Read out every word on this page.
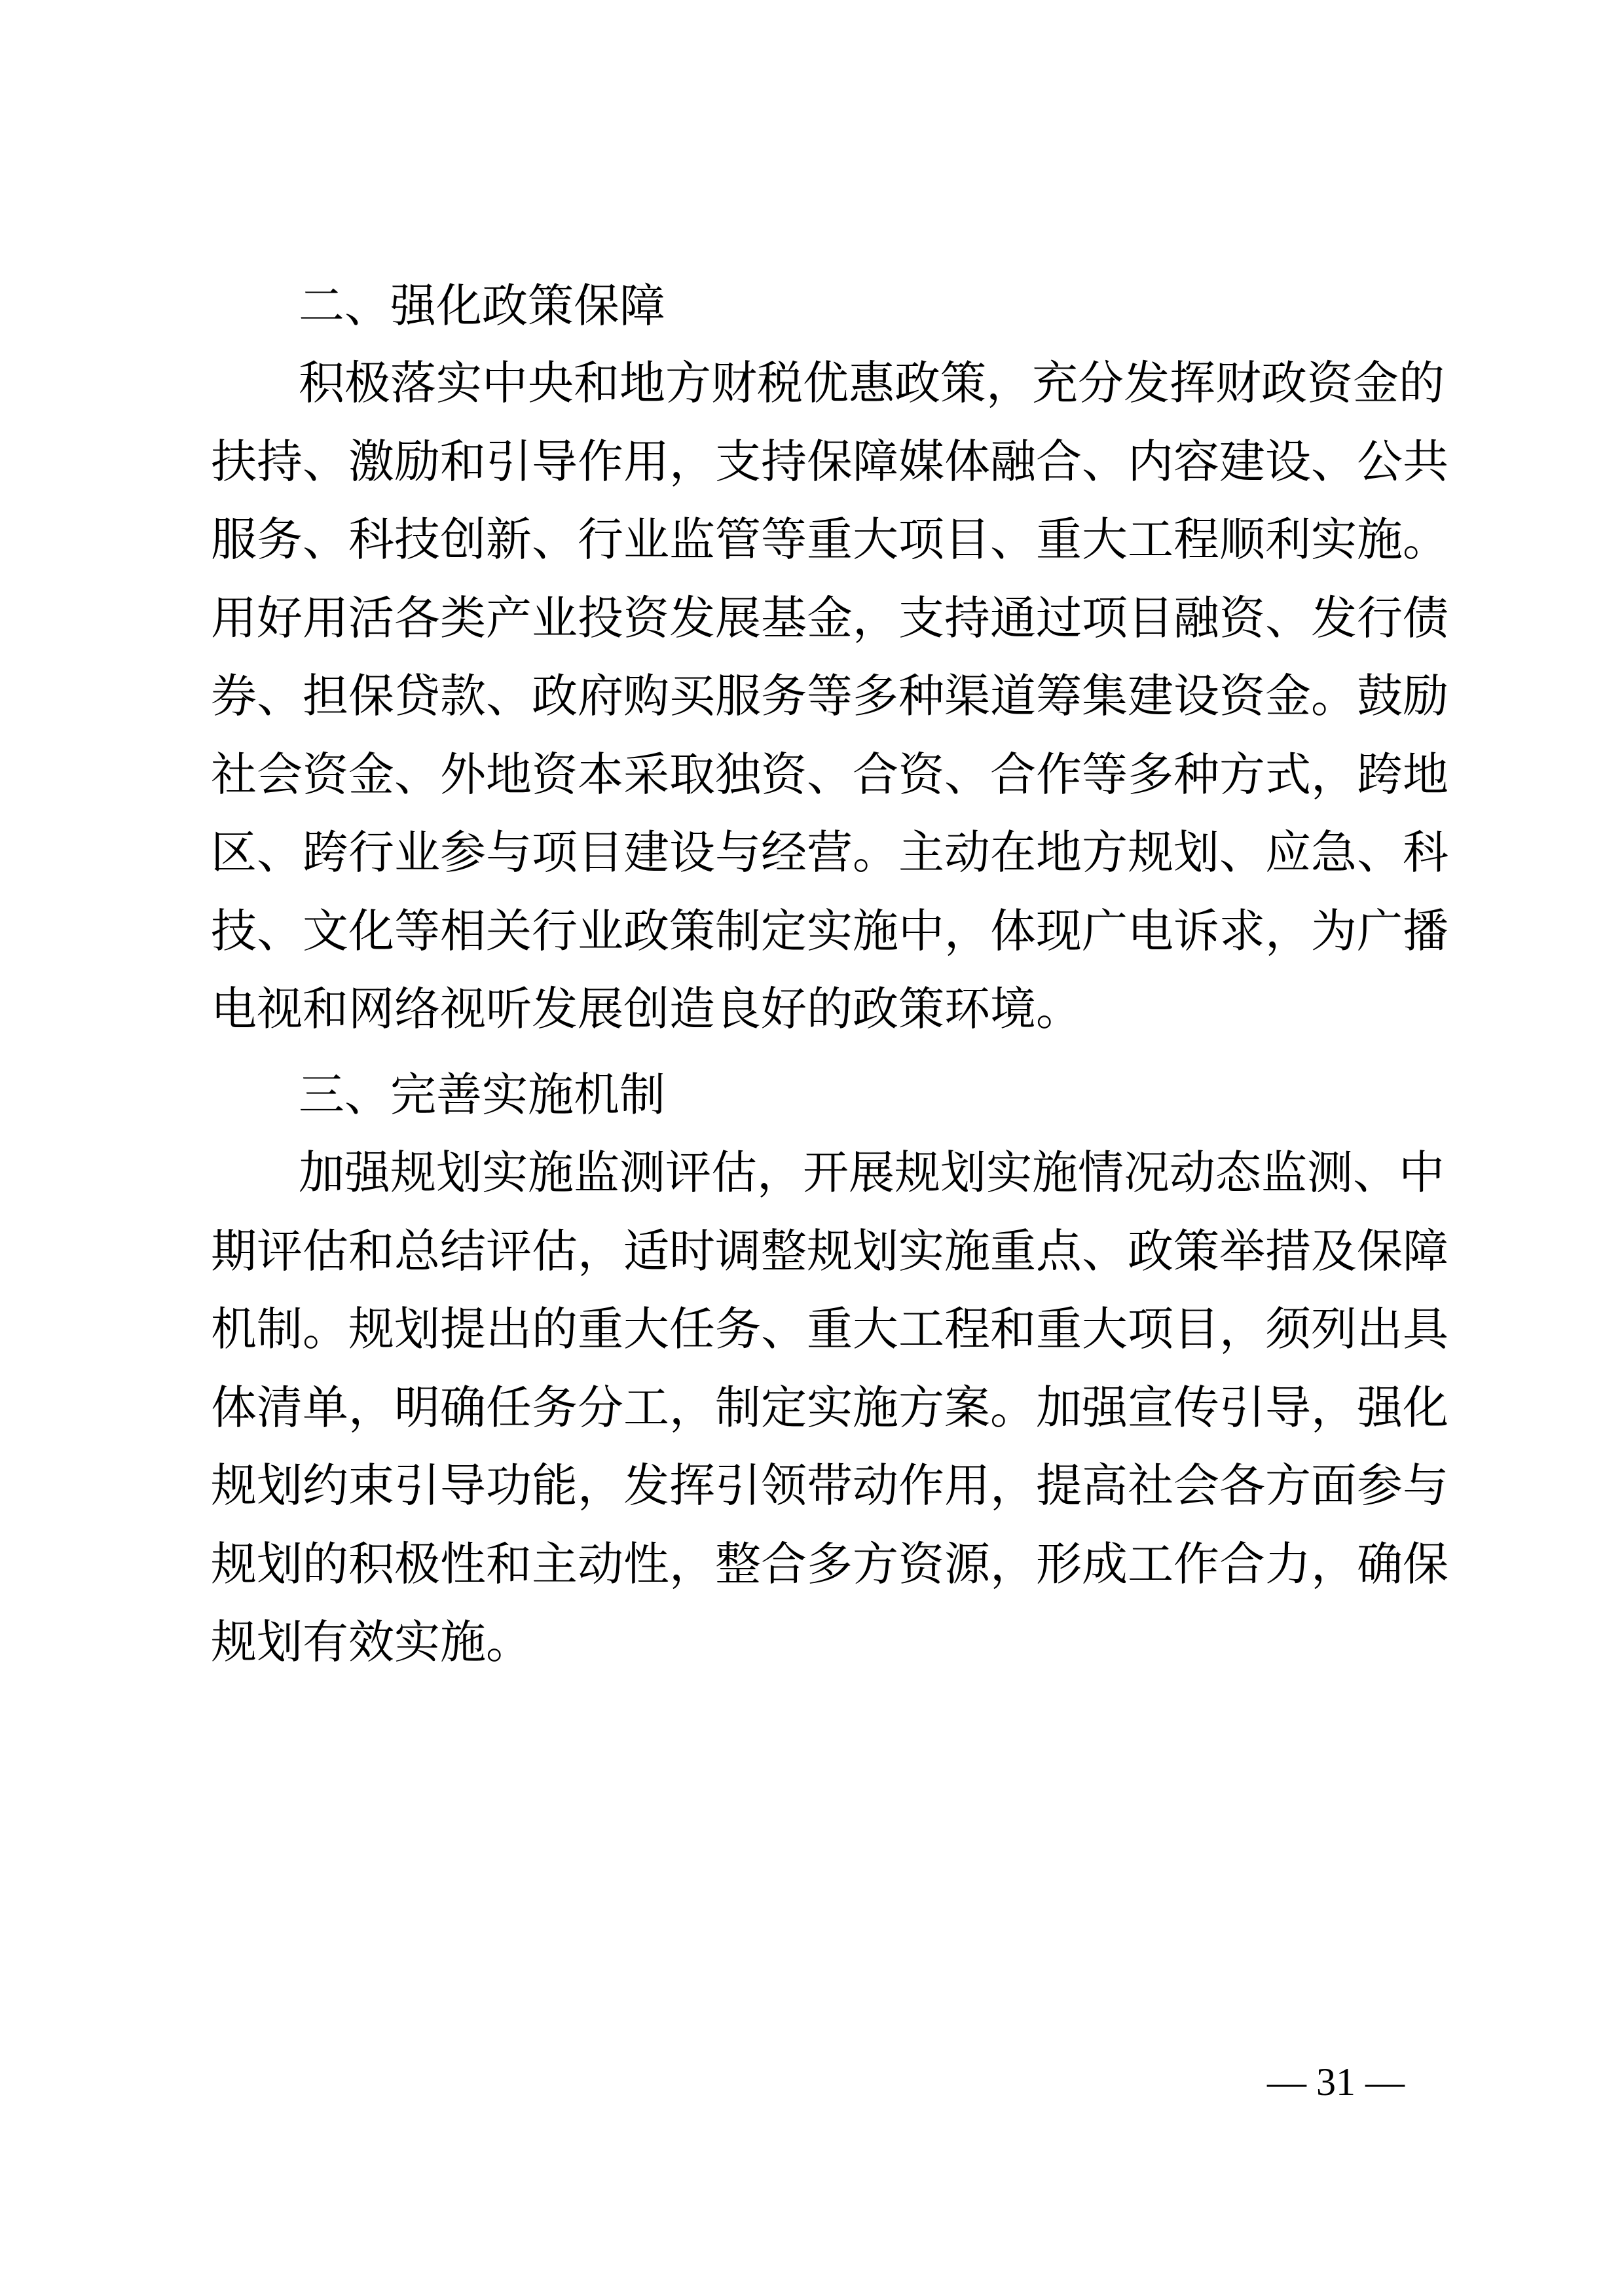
二、强化政策保障
积极落实中央和地方财税优惠政策，充分发挥财政资金的
扶持、激励和引导作用，支持保障媒体融合、内容建设、公共
服务、科技创新、行业监管等重大项目、重大工程顺利实施。
用好用活各类产业投资发展基金，支持通过项目融资、发行债
券、担保贷款、政府购买服务等多种渠道筹集建设资金。鼓励
社会资金、外地资本采取独资、合资、合作等多种方式，跨地
区、跨行业参与项目建设与经营。主动在地方规划、应急、科
技、文化等相关行业政策制定实施中，体现广电诉求，为广播
电视和网络视听发展创造良好的政策环境。
三、完善实施机制
加强规划实施监测评估，开展规划实施情况动态监测、中
期评估和总结评估，适时调整规划实施重点、政策举措及保障
机制。规划提出的重大任务、重大工程和重大项目，须列出具
体清单，明确任务分工，制定实施方案。加强宣传引导，强化
规划约束引导功能，发挥引领带动作用，提高社会各方面参与
规划的积极性和主动性，整合多方资源，形成工作合力，确保
规划有效实施。
— 31 —
